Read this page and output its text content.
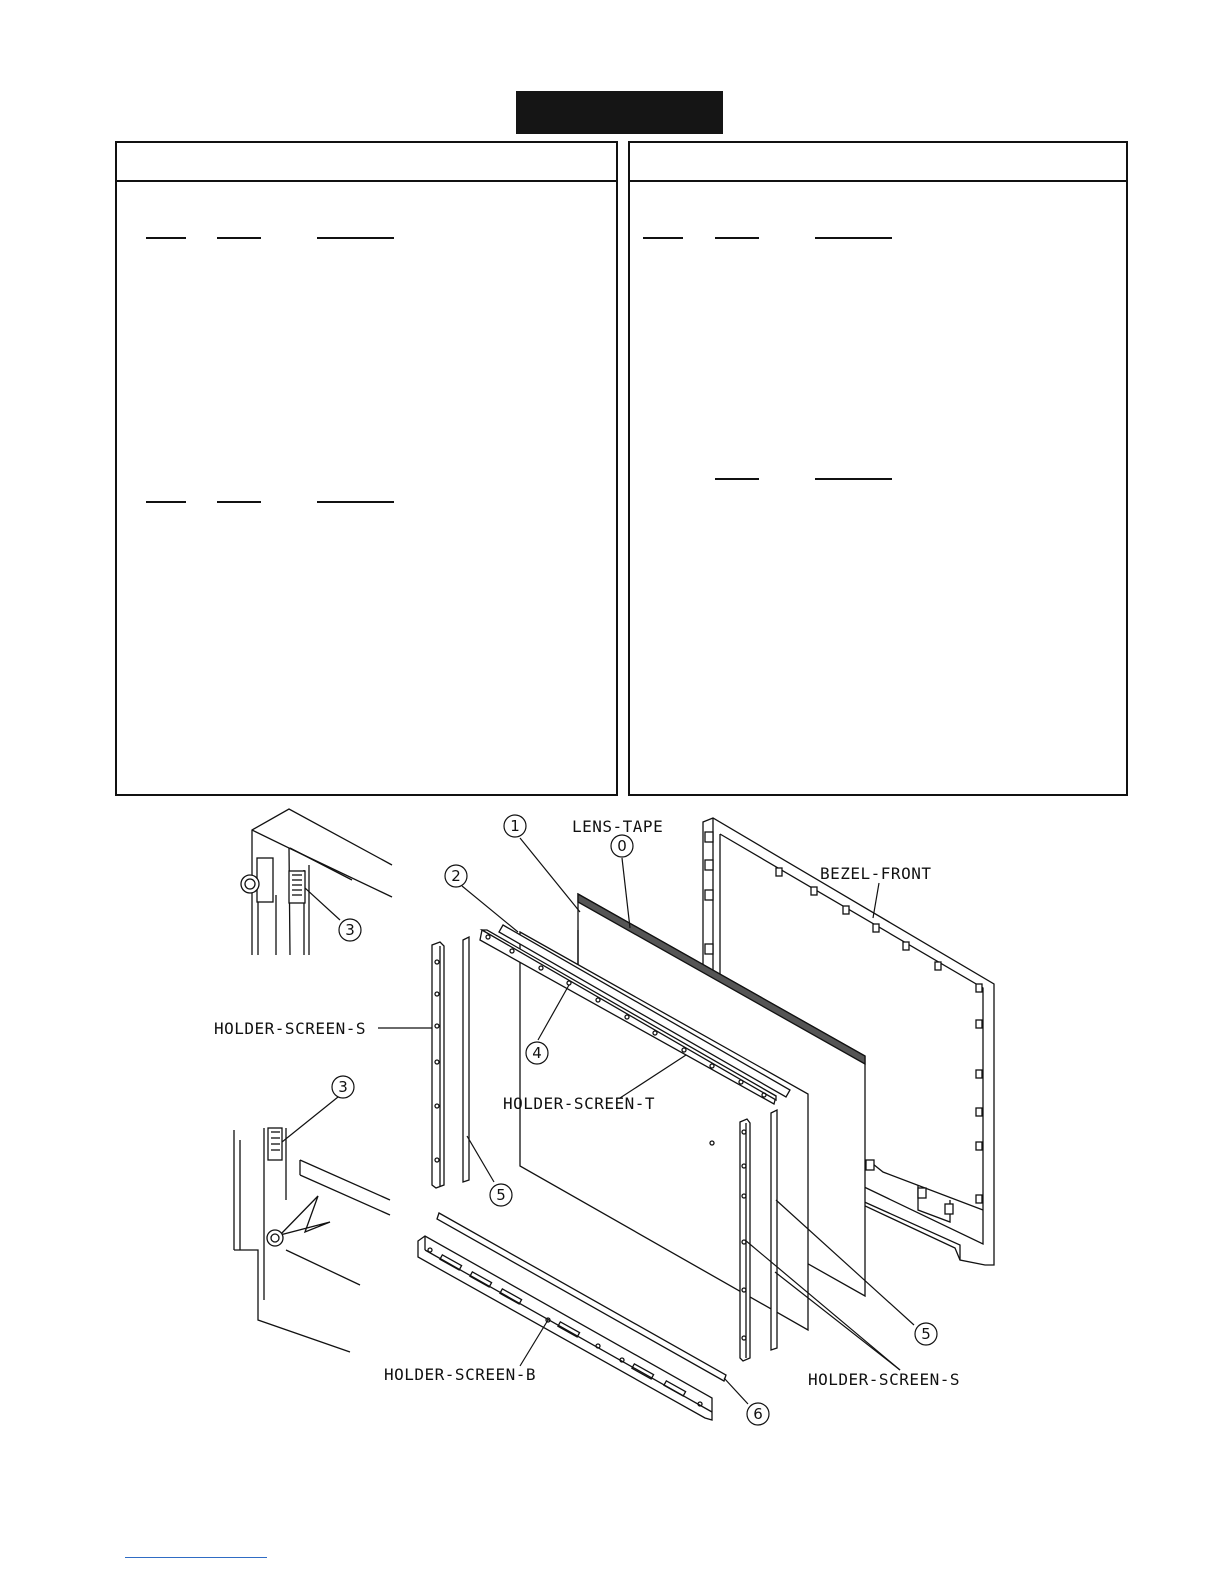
1
2
0
3
3
4
5
5
6
LENS-TAPE
BEZEL-FRONT
HOLDER-SCREEN-S
HOLDER-SCREEN-T
HOLDER-SCREEN-B	HOLDER-SCREEN-S
